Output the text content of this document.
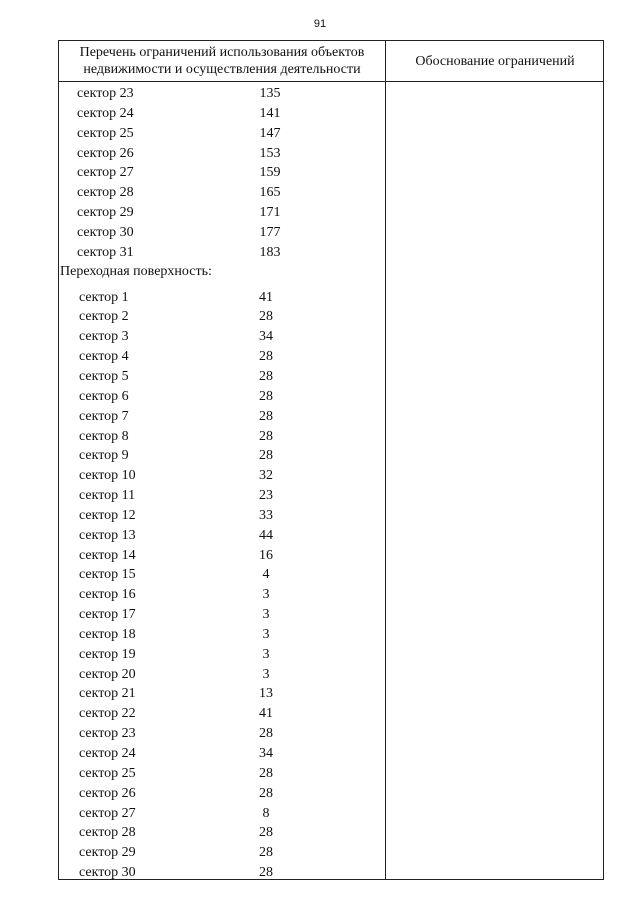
91
Перечень ограничений использования объектов
недвижимости и осуществления деятельности
Обоснование ограничений
сектор 23	135
сектор 24	141
сектор 25	147
сектор 26	153
сектор 27	159
сектор 28	165
сектор 29	171
сектор 30	177
сектор 31	183
Переходная поверхность:
сектор 1	41
сектор 2	28
сектор 3	34
сектор 4	28
сектор 5	28
сектор 6	28
сектор 7	28
сектор 8	28
сектор 9	28
сектор 10	32
сектор 11	23
сектор 12	33
сектор 13	44
сектор 14	16
сектор 15	4
сектор 16	3
сектор 17	3
сектор 18	3
сектор 19	3
сектор 20	3
сектор 21	13
сектор 22	41
сектор 23	28
сектор 24	34
сектор 25	28
сектор 26	28
сектор 27	8
сектор 28	28
сектор 29	28
сектор 30	28
